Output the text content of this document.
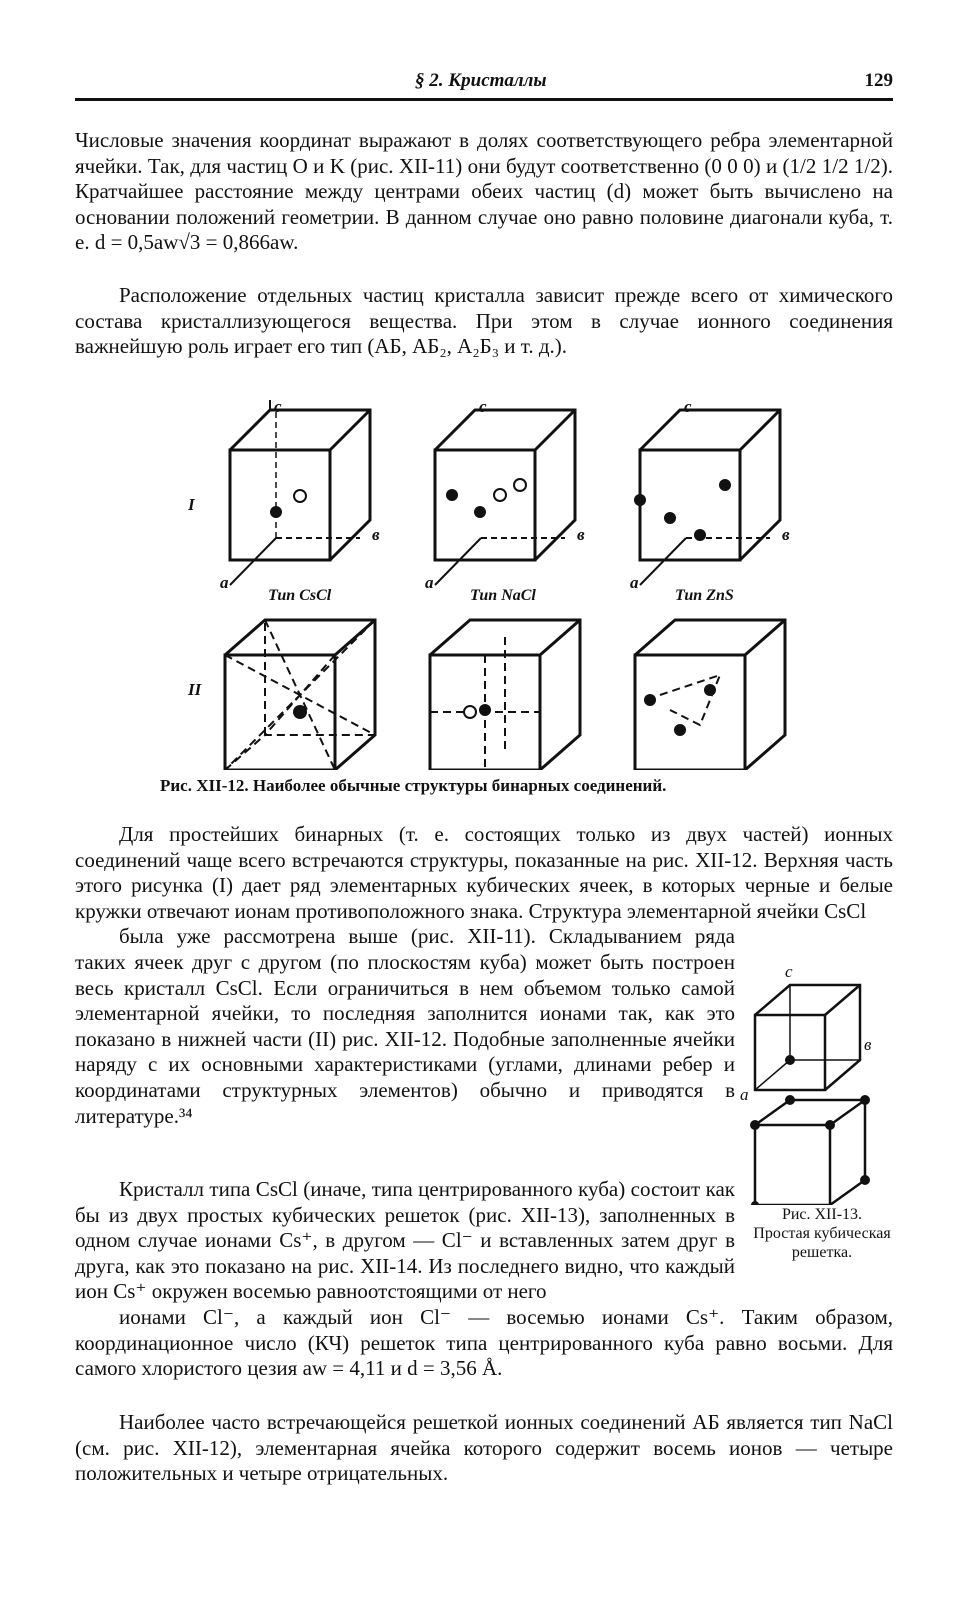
§ 2. Кристаллы	129

Числовые значения координат выражают в долях соответствующего ребра элементарной ячейки. Так, для частиц O и K (рис. XII-11) они будут соответственно (0 0 0) и (1/2 1/2 1/2). Кратчайшее расстояние между центрами обеих частиц (d) может быть вычислено на основании положений геометрии. В данном случае оно равно половине диагонали куба, т. е. d = 0,5aw√3 = 0,866aw.

Расположение отдельных частиц кристалла зависит прежде всего от химического состава кристаллизующегося вещества. При этом в случае ионного соединения важнейшую роль играет его тип (АБ, АБ₂, А₂Б₃ и т. д.).

I
II
c	c	c
в	в	в
a	a	a
Тип CsCl	Тип NaCl	Тип ZnS
Рис. XII-12. Наиболее обычные структуры бинарных соединений.

Для простейших бинарных (т. е. состоящих только из двух частей) ионных соединений чаще всего встречаются структуры, показанные на рис. XII-12. Верхняя часть этого рисунка (I) дает ряд элементарных кубических ячеек, в которых черные и белые кружки отвечают ионам противоположного знака. Структура элементарной ячейки CsCl
была уже рассмотрена выше (рис. XII-11). Складыванием ряда таких ячеек друг с другом (по плоскостям куба) может быть построен весь кристалл CsCl. Если ограничиться в нем объемом только самой элементарной ячейки, то последняя заполнится ионами так, как это показано в нижней части (II) рис. XII-12. Подобные заполненные ячейки наряду с их основными характеристиками (углами, длинами ребер и координатами структурных элементов) обычно и приводятся в литературе.³⁴

c
в
a
Рис. XII-13. Простая кубическая решетка.

Кристалл типа CsCl (иначе, типа центрированного куба) состоит как бы из двух простых кубических решеток (рис. XII-13), заполненных в одном случае ионами Cs⁺, в другом — Cl⁻ и вставленных затем друг в друга, как это показано на рис. XII-14. Из последнего видно, что каждый ион Cs⁺ окружен восемью равноотстоящими от него
ионами Cl⁻, а каждый ион Cl⁻ — восемью ионами Cs⁺. Таким образом, координационное число (КЧ) решеток типа центрированного куба равно восьми. Для самого хлористого цезия aw = 4,11 и d = 3,56 Å.

Наиболее часто встречающейся решеткой ионных соединений АБ является тип NaCl (см. рис. XII-12), элементарная ячейка которого содержит восемь ионов — четыре положительных и четыре отрицательных.
